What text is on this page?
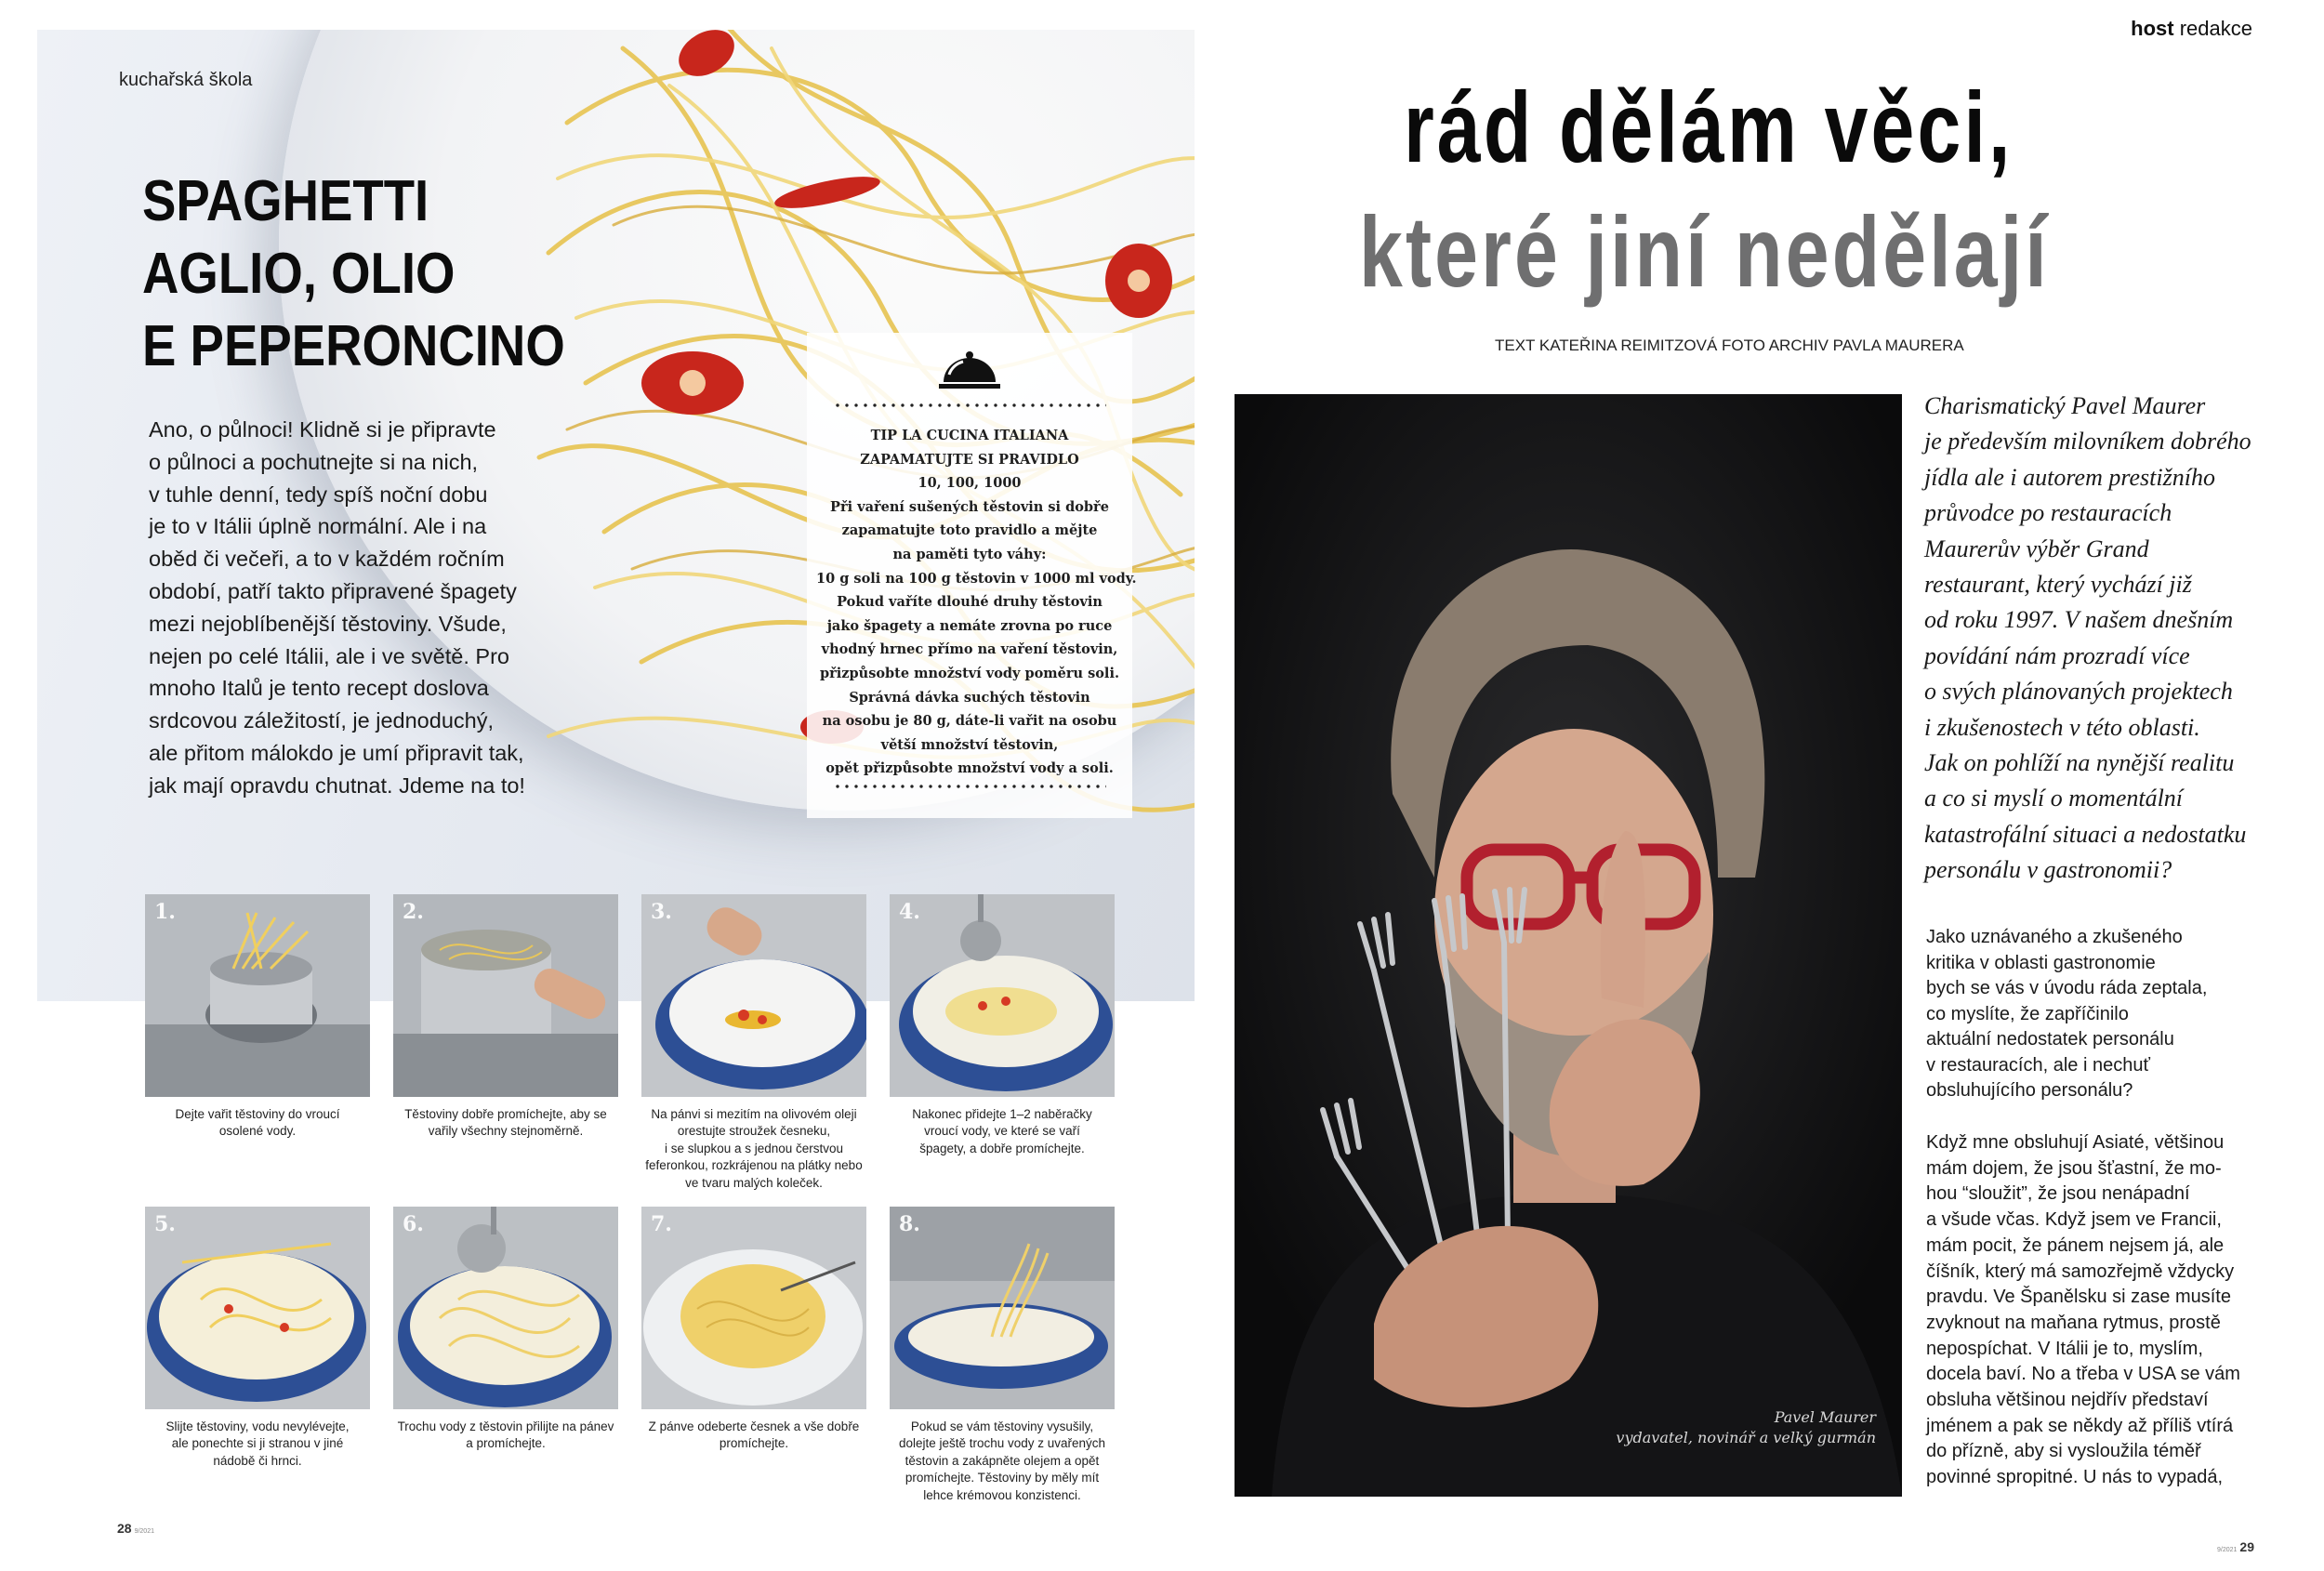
kuchařská škola
SPAGHETTI
AGLIO, OLIO
E PEPERONCINO
Ano, o půlnoci! Klidně si je připravte
o půlnoci a pochutnejte si na nich,
v tuhle denní, tedy spíš noční dobu
je to v Itálii úplně normální. Ale i na
oběd či večeři, a to v každém ročním
období, patří takto připravené špagety
mezi nejoblíbenější těstoviny. Všude,
nejen po celé Itálii, ale i ve světě. Pro
mnoho Italů je tento recept doslova
srdcovou záležitostí, je jednoduchý,
ale přitom málokdo je umí připravit tak,
jak mají opravdu chutnat. Jdeme na to!
TIP LA CUCINA ITALIANA
ZAPAMATUJTE SI PRAVIDLO
10, 100, 1000
Při vaření sušených těstovin si dobře
zapamatujte toto pravidlo a mějte
na paměti tyto váhy:
10 g soli na 100 g těstovin v 1000 ml vody.
Pokud vaříte dlouhé druhy těstovin
jako špagety a nemáte zrovna po ruce
vhodný hrnec přímo na vaření těstovin,
přizpůsobte množství vody poměru soli.
Správná dávka suchých těstovin
na osobu je 80 g, dáte-li vařit na osobu
větší množství těstovin,
opět přizpůsobte množství vody a soli.
1.
Dejte vařit těstoviny do vroucí
osolené vody.
2.
Těstoviny dobře promíchejte, aby se
vařily všechny stejnoměrně.
3.
Na pánvi si mezitím na olivovém oleji
orestujte stroužek česneku,
i se slupkou a s jednou čerstvou
feferonkou, rozkrájenou na plátky nebo
ve tvaru malých koleček.
4.
Nakonec přidejte 1–2 naběračky
vroucí vody, ve které se vaří
špagety, a dobře promíchejte.
5.
Slijte těstoviny, vodu nevylévejte,
ale ponechte si ji stranou v jiné
nádobě či hrnci.
6.
Trochu vody z těstovin přilijte na pánev
a promíchejte.
7.
Z pánve odeberte česnek a vše dobře
promíchejte.
8.
Pokud se vám těstoviny vysušily,
dolejte ještě trochu vody z uvařených
těstovin a zakápněte olejem a opět
promíchejte. Těstoviny by měly mít
lehce krémovou konzistenci.
28 9/2021
host redakce
rád dělám věci,
které jiní nedělají
TEXT KATEŘINA REIMITZOVÁ FOTO ARCHIV PAVLA MAURERA
Pavel Maurer
vydavatel, novinář a velký gurmán
Charismatický Pavel Maurer
je především milovníkem dobrého
jídla ale i autorem prestižního
průvodce po restauracích
Maurerův výběr Grand
restaurant, který vychází již
od roku 1997. V našem dnešním
povídání nám prozradí více
o svých plánovaných projektech
i zkušenostech v této oblasti.
Jak on pohlíží na nynější realitu
a co si myslí o momentální
katastrofální situaci a nedostatku
personálu v gastronomii?
Jako uznávaného a zkušeného
kritika v oblasti gastronomie
bych se vás v úvodu ráda zeptala,
co myslíte, že zapříčinilo
aktuální nedostatek personálu
v restauracích, ale i nechuť
obsluhujícího personálu?
Když mne obsluhují Asiaté, většinou
mám dojem, že jsou šťastní, že mo-
hou “sloužit”, že jsou nenápadní
a všude včas. Když jsem ve Francii,
mám pocit, že pánem nejsem já, ale
číšník, který má samozřejmě vždycky
pravdu. Ve Španělsku si zase musíte
zvyknout na maňana rytmus, prostě
nepospíchat. V Itálii je to, myslím,
docela baví. No a třeba v USA se vám
obsluha většinou nejdřív představí
jménem a pak se někdy až příliš vtírá
do přízně, aby si vysloužila téměř
povinné spropitné. U nás to vypadá,
9/2021 29
